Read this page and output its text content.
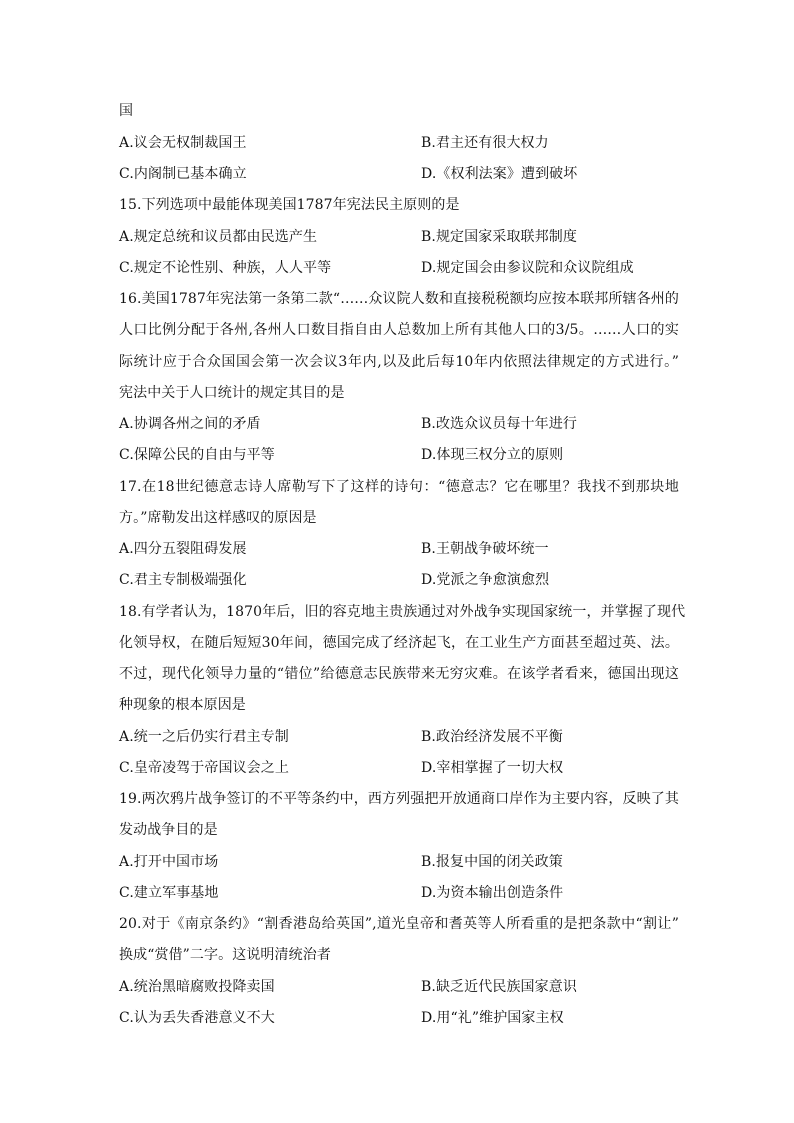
国
A.议会无权制裁国王	B.君主还有很大权力
C.内阁制已基本确立	D.《权利法案》遭到破坏
15.下列选项中最能体现美国1787年宪法民主原则的是
A.规定总统和议员都由民选产生	B.规定国家采取联邦制度
C.规定不论性别、种族，人人平等	D.规定国会由参议院和众议院组成
16.美国1787年宪法第一条第二款“……众议院人数和直接税税额均应按本联邦所辖各州的
人口比例分配于各州,各州人口数目指自由人总数加上所有其他人口的3/5。……人口的实
际统计应于合众国国会第一次会议3年内,以及此后每10年内依照法律规定的方式进行。”
宪法中关于人口统计的规定其目的是
A.协调各州之间的矛盾	B.改选众议员每十年进行
C.保障公民的自由与平等	D.体现三权分立的原则
17.在18世纪德意志诗人席勒写下了这样的诗句：“德意志？它在哪里？我找不到那块地
方。”席勒发出这样感叹的原因是
A.四分五裂阻碍发展	B.王朝战争破坏统一
C.君主专制极端强化	D.党派之争愈演愈烈
18.有学者认为，1870年后，旧的容克地主贵族通过对外战争实现国家统一，并掌握了现代
化领导权，在随后短短30年间，德国完成了经济起飞，在工业生产方面甚至超过英、法。
不过，现代化领导力量的“错位”给德意志民族带来无穷灾难。在该学者看来，德国出现这
种现象的根本原因是
A.统一之后仍实行君主专制	B.政治经济发展不平衡
C.皇帝凌驾于帝国议会之上	D.宰相掌握了一切大权
19.两次鸦片战争签订的不平等条约中，西方列强把开放通商口岸作为主要内容，反映了其
发动战争目的是
A.打开中国市场	B.报复中国的闭关政策
C.建立军事基地	D.为资本输出创造条件
20.对于《南京条约》“割香港岛给英国”,道光皇帝和耆英等人所看重的是把条款中“割让”
换成“赏借”二字。这说明清统治者
A.统治黑暗腐败投降卖国	B.缺乏近代民族国家意识
C.认为丢失香港意义不大	D.用“礼”维护国家主权
